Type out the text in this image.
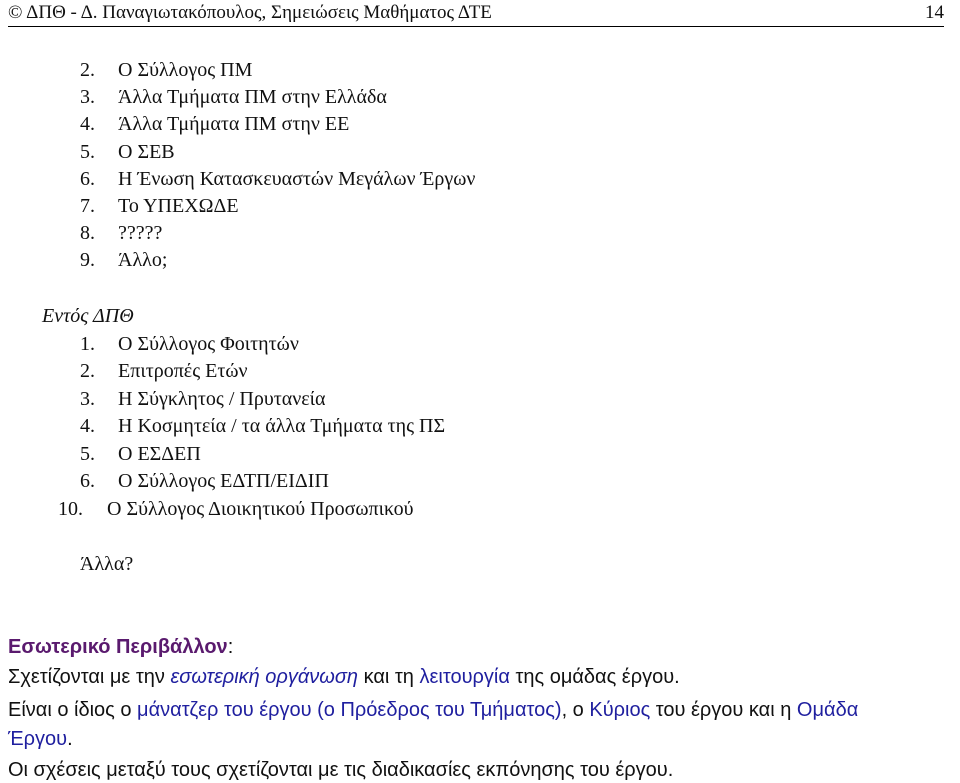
© ΔΠΘ - Δ. Παναγιωτακόπουλος, Σημειώσεις Μαθήματος ΔΤΕ	14
2. Ο Σύλλογος ΠΜ
3. Άλλα Τμήματα ΠΜ στην Ελλάδα
4. Άλλα Τμήματα ΠΜ στην ΕΕ
5. Ο ΣΕΒ
6. Η Ένωση Κατασκευαστών Μεγάλων Έργων
7. Το ΥΠΕΧΩΔΕ
8. ?????
9. Άλλο;
Εντός ΔΠΘ
1. Ο Σύλλογος Φοιτητών
2. Επιτροπές Ετών
3. Η Σύγκλητος / Πρυτανεία
4. Η Κοσμητεία / τα άλλα Τμήματα της ΠΣ
5. Ο ΕΣΔΕΠ
6. Ο Σύλλογος ΕΔΤΠ/ΕΙΔΙΠ
10. Ο Σύλλογος Διοικητικού Προσωπικού
Άλλα?
Εσωτερικό Περιβάλλον:
Σχετίζονται με την εσωτερική οργάνωση και τη λειτουργία της ομάδας έργου.
Είναι ο ίδιος ο μάνατζερ του έργου (ο Πρόεδρος του Τμήματος), ο Κύριος του έργου και η Ομάδα
Έργου.
Οι σχέσεις μεταξύ τους σχετίζονται με τις διαδικασίες εκπόνησης του έργου.
